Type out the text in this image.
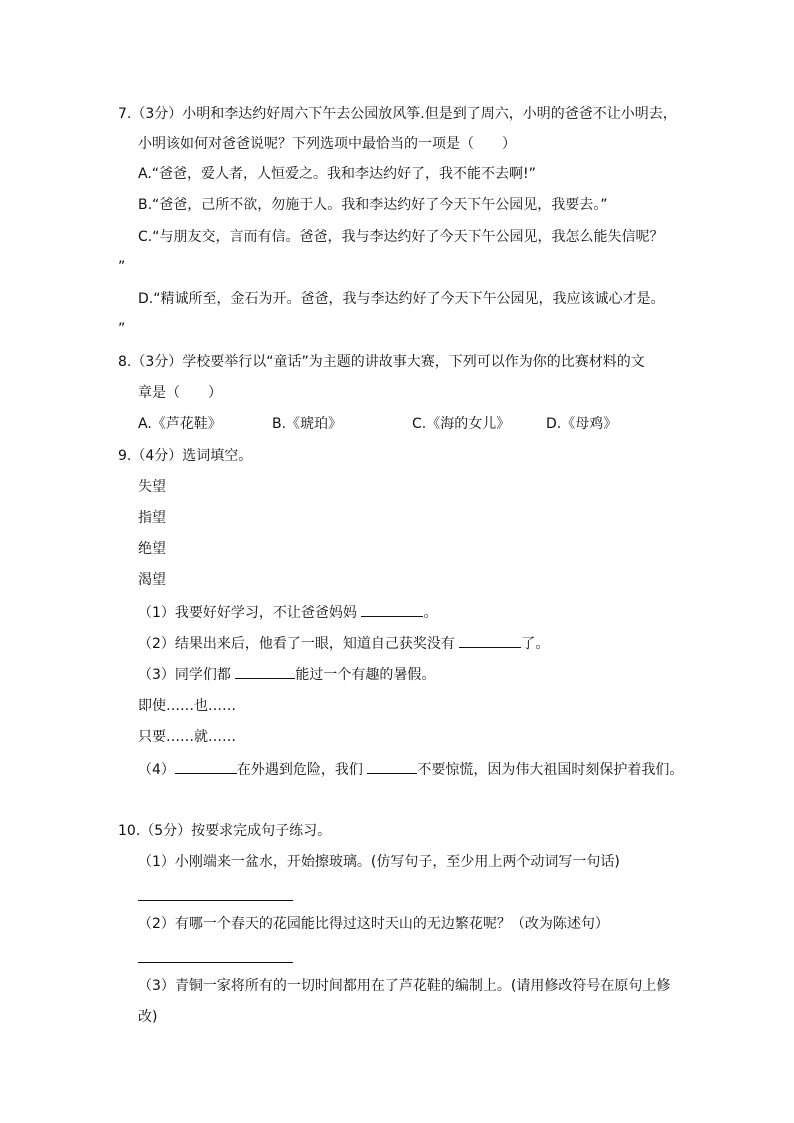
7.（3分）小明和李达约好周六下午去公园放风筝.但是到了周六，小明的爸爸不让小明去，
小明该如何对爸爸说呢？下列选项中最恰当的一项是（　　）
A.“爸爸，爱人者，人恒爱之。我和李达约好了，我不能不去啊!”
B.“爸爸，己所不欲，勿施于人。我和李达约好了今天下午公园见，我要去。”
C.“与朋友交，言而有信。爸爸，我与李达约好了今天下午公园见，我怎么能失信呢？
”
D.“精诚所至，金石为开。爸爸，我与李达约好了今天下午公园见，我应该诚心才是。
”
8.（3分）学校要举行以“童话”为主题的讲故事大赛，下列可以作为你的比赛材料的文
章是（　　）
A.《芦花鞋》	B.《琥珀》	C.《海的女儿》	D.《母鸡》
9.（4分）选词填空。
失望
指望
绝望
渴望
（1）我要好好学习，不让爸爸妈妈	。
（2）结果出来后，他看了一眼，知道自己获奖没有	了。
（3）同学们都	能过一个有趣的暑假。
即使……也……
只要……就……
（4）	在外遇到危险，我们	不要惊慌，因为伟大祖国时刻保护着我们。
10.（5分）按要求完成句子练习。
（1）小刚端来一盆水，开始擦玻璃。(仿写句子，至少用上两个动词写一句话)
（2）有哪一个春天的花园能比得过这时天山的无边繁花呢？（改为陈述句）
（3）青铜一家将所有的一切时间都用在了芦花鞋的编制上。(请用修改符号在原句上修
改)
